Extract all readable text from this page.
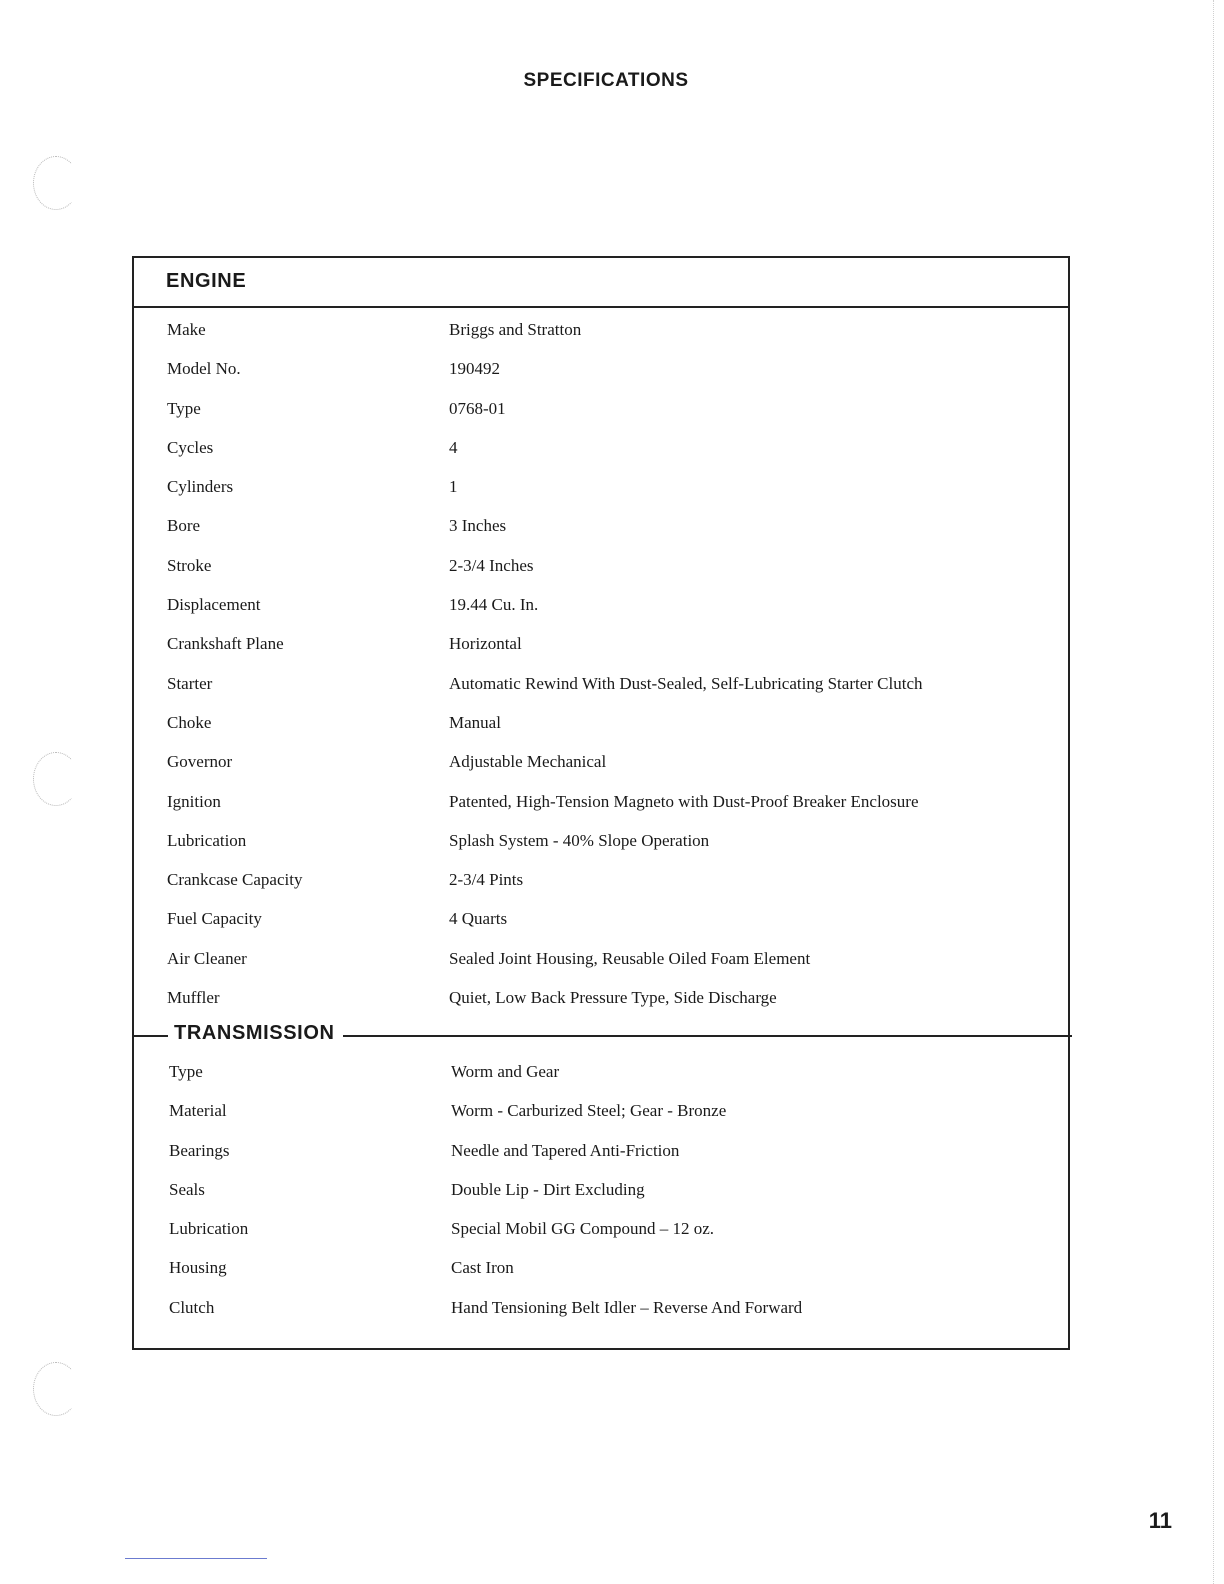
SPECIFICATIONS
ENGINE
Make	Briggs and Stratton
Model No.	190492
Type	0768-01
Cycles	4
Cylinders	1
Bore	3 Inches
Stroke	2-3/4 Inches
Displacement	19.44 Cu. In.
Crankshaft Plane	Horizontal
Starter	Automatic Rewind With Dust-Sealed, Self-Lubricating Starter Clutch
Choke	Manual
Governor	Adjustable Mechanical
Ignition	Patented, High-Tension Magneto with Dust-Proof Breaker Enclosure
Lubrication	Splash System - 40% Slope Operation
Crankcase Capacity	2-3/4 Pints
Fuel Capacity	4 Quarts
Air Cleaner	Sealed Joint Housing, Reusable Oiled Foam Element
Muffler	Quiet, Low Back Pressure Type, Side Discharge
TRANSMISSION
Type	Worm and Gear
Material	Worm - Carburized Steel; Gear - Bronze
Bearings	Needle and Tapered Anti-Friction
Seals	Double Lip - Dirt Excluding
Lubrication	Special Mobil GG Compound – 12 oz.
Housing	Cast Iron
Clutch	Hand Tensioning Belt Idler – Reverse And Forward
11
